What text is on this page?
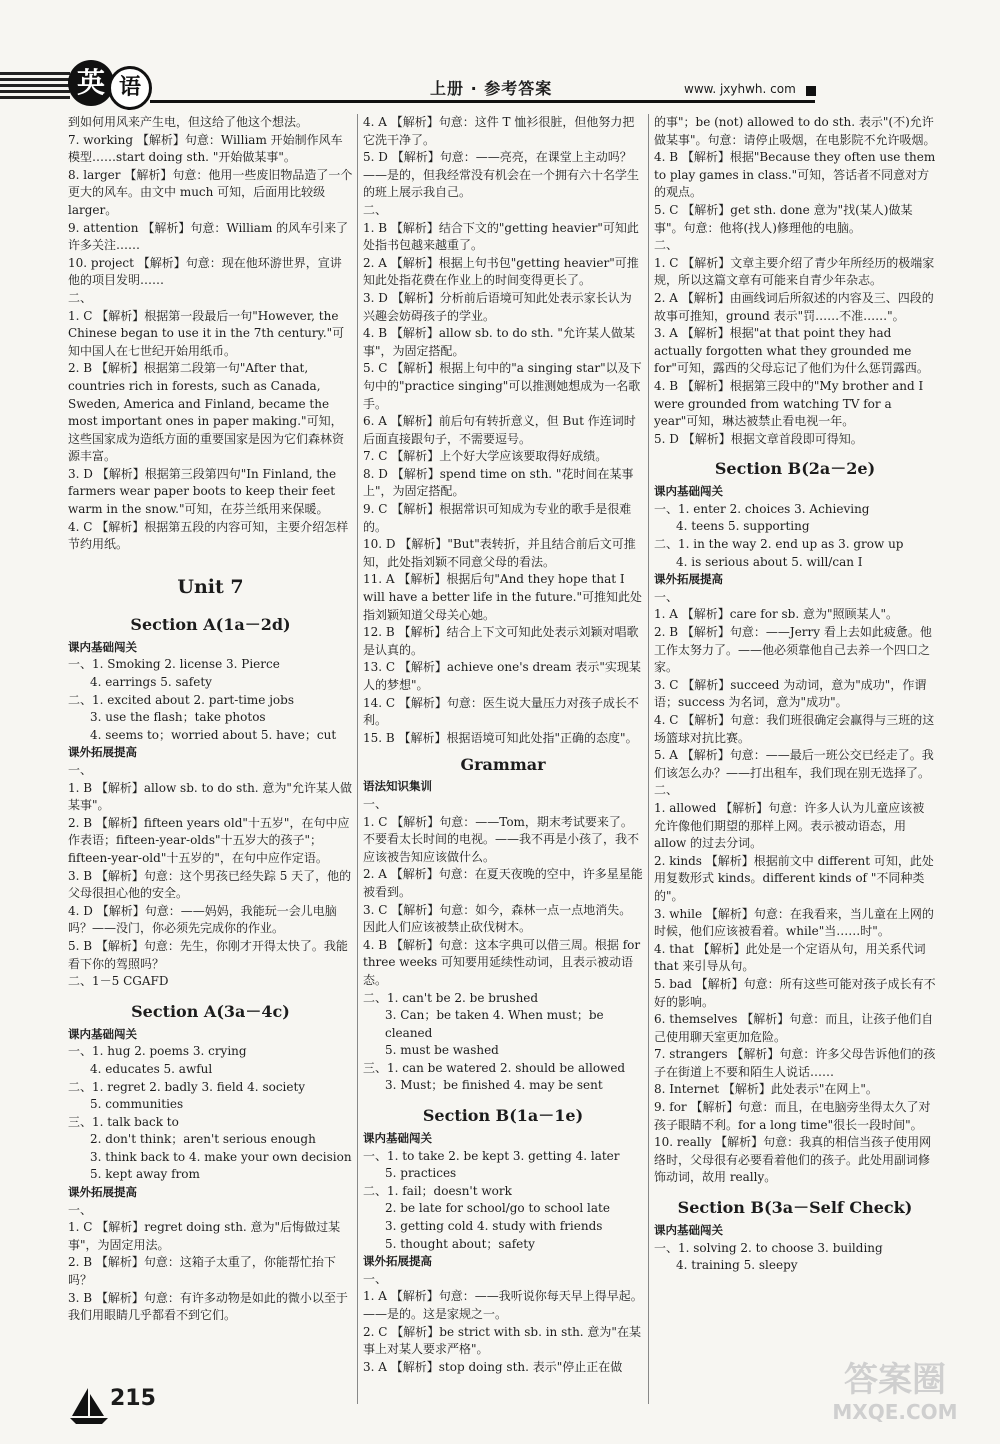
英 语	上册 · 参考答案	www. jxyhwh. com
到如何用风来产生电，但这给了他这个想法。
7. working 【解析】句意：William 开始制作风车模型……start doing sth. "开始做某事"。
8. larger 【解析】句意：他用一些废旧物品造了一个更大的风车。由文中 much 可知，后面用比较级 larger。
9. attention 【解析】句意：William 的风车引来了许多关注……
10. project 【解析】句意：现在他环游世界，宣讲他的项目发明……
二、
1. C 【解析】根据第一段最后一句"However, the Chinese began to use it in the 7th century."可知中国人在七世纪开始用纸币。
2. B 【解析】根据第二段第一句"After that, countries rich in forests, such as Canada, Sweden, America and Finland, became the most important ones in paper making."可知，这些国家成为造纸方面的重要国家是因为它们森林资源丰富。
3. D 【解析】根据第三段第四句"In Finland, the farmers wear paper boots to keep their feet warm in the snow."可知，在芬兰纸用来保暖。
4. C 【解析】根据第五段的内容可知，主要介绍怎样节约用纸。
Unit 7
Section A(1a－2d)
课内基础闯关
一、1. Smoking 2. license 3. Pierce
4. earrings 5. safety
二、1. excited about 2. part-time jobs
3. use the flash；take photos
4. seems to；worried about 5. have；cut
课外拓展提高
一、
1. B 【解析】allow sb. to do sth. 意为"允许某人做某事"。
2. B 【解析】fifteen years old"十五岁"，在句中应作表语；fifteen-year-olds"十五岁大的孩子"；fifteen-year-old"十五岁的"，在句中应作定语。
3. B 【解析】句意：这个男孩已经失踪 5 天了，他的父母很担心他的安全。
4. D 【解析】句意：——妈妈，我能玩一会儿电脑吗？——没门，你必须先完成你的作业。
5. B 【解析】句意：先生，你刚才开得太快了。我能看下你的驾照吗？
二、1－5 CGAFD
Section A(3a－4c)
课内基础闯关
一、1. hug 2. poems 3. crying
4. educates 5. awful
二、1. regret 2. badly 3. field 4. society
5. communities
三、1. talk back to
2. don't think；aren't serious enough
3. think back to 4. make your own decision
5. kept away from
课外拓展提高
一、
1. C 【解析】regret doing sth. 意为"后悔做过某事"，为固定用法。
2. B 【解析】句意：这箱子太重了，你能帮忙抬下吗？
3. B 【解析】句意：有许多动物是如此的微小以至于我们用眼睛几乎都看不到它们。
4. A 【解析】句意：这件 T 恤衫很脏，但他努力把它洗干净了。
5. D 【解析】句意：——亮亮，在课堂上主动吗？——是的，但我经常没有机会在一个拥有六十名学生的班上展示我自己。
二、
1. B 【解析】结合下文的"getting heavier"可知此处指书包越来越重了。
2. A 【解析】根据上句书包"getting heavier"可推知此处指花费在作业上的时间变得更长了。
3. D 【解析】分析前后语境可知此处表示家长认为兴趣会妨碍孩子的学业。
4. B 【解析】allow sb. to do sth. "允许某人做某事"，为固定搭配。
5. C 【解析】根据上句中的"a singing star"以及下句中的"practice singing"可以推测她想成为一名歌手。
6. A 【解析】前后句有转折意义，但 But 作连词时后面直接跟句子，不需要逗号。
7. C 【解析】上个好大学应该要取得好成绩。
8. D 【解析】spend time on sth. "花时间在某事上"，为固定搭配。
9. C 【解析】根据常识可知成为专业的歌手是很难的。
10. D 【解析】"But"表转折，并且结合前后文可推知，此处指刘颖不同意父母的看法。
11. A 【解析】根据后句"And they hope that I will have a better life in the future."可推知此处指刘颖知道父母关心她。
12. B 【解析】结合上下文可知此处表示刘颖对唱歌是认真的。
13. C 【解析】achieve one's dream 表示"实现某人的梦想"。
14. C 【解析】句意：医生说大量压力对孩子成长不利。
15. B 【解析】根据语境可知此处指"正确的态度"。
Grammar
语法知识集训
一、
1. C 【解析】句意：——Tom，期末考试要来了。不要看太长时间的电视。——我不再是小孩了，我不应该被告知应该做什么。
2. A 【解析】句意：在夏天夜晚的空中，许多星星能被看到。
3. C 【解析】句意：如今，森林一点一点地消失。因此人们应该被禁止砍伐树木。
4. B 【解析】句意：这本字典可以借三周。根据 for three weeks 可知要用延续性动词，且表示被动语态。
二、1. can't be 2. be brushed
3. Can；be taken 4. When must；be cleaned
5. must be washed
三、1. can be watered 2. should be allowed
3. Must；be finished 4. may be sent
Section B(1a－1e)
课内基础闯关
一、1. to take 2. be kept 3. getting 4. later
5. practices
二、1. fail；doesn't work
2. be late for school/go to school late
3. getting cold 4. study with friends
5. thought about；safety
课外拓展提高
一、
1. A 【解析】句意：——我听说你每天早上得早起。——是的。这是家规之一。
2. C 【解析】be strict with sb. in sth. 意为"在某事上对某人要求严格"。
3. A 【解析】stop doing sth. 表示"停止正在做
的事"；be (not) allowed to do sth. 表示"(不)允许做某事"。句意：请停止吸烟，在电影院不允许吸烟。
4. B 【解析】根据"Because they often use them to play games in class."可知，答话者不同意对方的观点。
5. C 【解析】get sth. done 意为"找(某人)做某事"。句意：他将(找人)修理他的电脑。
二、
1. C 【解析】文章主要介绍了青少年所经历的极端家规，所以这篇文章有可能来自青少年杂志。
2. A 【解析】由画线词后所叙述的内容及三、四段的故事可推知，ground 表示"罚……不准……"。
3. A 【解析】根据"at that point they had actually forgotten what they grounded me for"可知，露西的父母忘记了他们为什么惩罚露西。
4. B 【解析】根据第三段中的"My brother and I were grounded from watching TV for a year"可知，琳达被禁止看电视一年。
5. D 【解析】根据文章首段即可得知。
Section B(2a－2e)
课内基础闯关
一、1. enter 2. choices 3. Achieving
4. teens 5. supporting
二、1. in the way 2. end up as 3. grow up
4. is serious about 5. will/can I
课外拓展提高
一、
1. A 【解析】care for sb. 意为"照顾某人"。
2. B 【解析】句意：——Jerry 看上去如此疲惫。他工作太努力了。——他必须靠他自己去养一个四口之家。
3. C 【解析】succeed 为动词，意为"成功"，作谓语；success 为名词，意为"成功"。
4. C 【解析】句意：我们班很确定会赢得与三班的这场篮球对抗比赛。
5. A 【解析】句意：——最后一班公交已经走了。我们该怎么办？——打出租车，我们现在别无选择了。
二、
1. allowed 【解析】句意：许多人认为儿童应该被允许像他们期望的那样上网。表示被动语态，用 allow 的过去分词。
2. kinds 【解析】根据前文中 different 可知，此处用复数形式 kinds。different kinds of "不同种类的"。
3. while 【解析】句意：在我看来，当儿童在上网的时候，他们应该被看着。while"当……时"。
4. that 【解析】此处是一个定语从句，用关系代词 that 来引导从句。
5. bad 【解析】句意：所有这些可能对孩子成长有不好的影响。
6. themselves 【解析】句意：而且，让孩子他们自己使用聊天室更加危险。
7. strangers 【解析】句意：许多父母告诉他们的孩子在街道上不要和陌生人说话……
8. Internet 【解析】此处表示"在网上"。
9. for 【解析】句意：而且，在电脑旁坐得太久了对孩子眼睛不利。for a long time"很长一段时间"。
10. really 【解析】句意：我真的相信当孩子使用网络时，父母很有必要看着他们的孩子。此处用副词修饰动词，故用 really。
Section B(3a－Self Check)
课内基础闯关
一、1. solving 2. to choose 3. building
4. training 5. sleepy
215	答案圈
MXQE.COM
